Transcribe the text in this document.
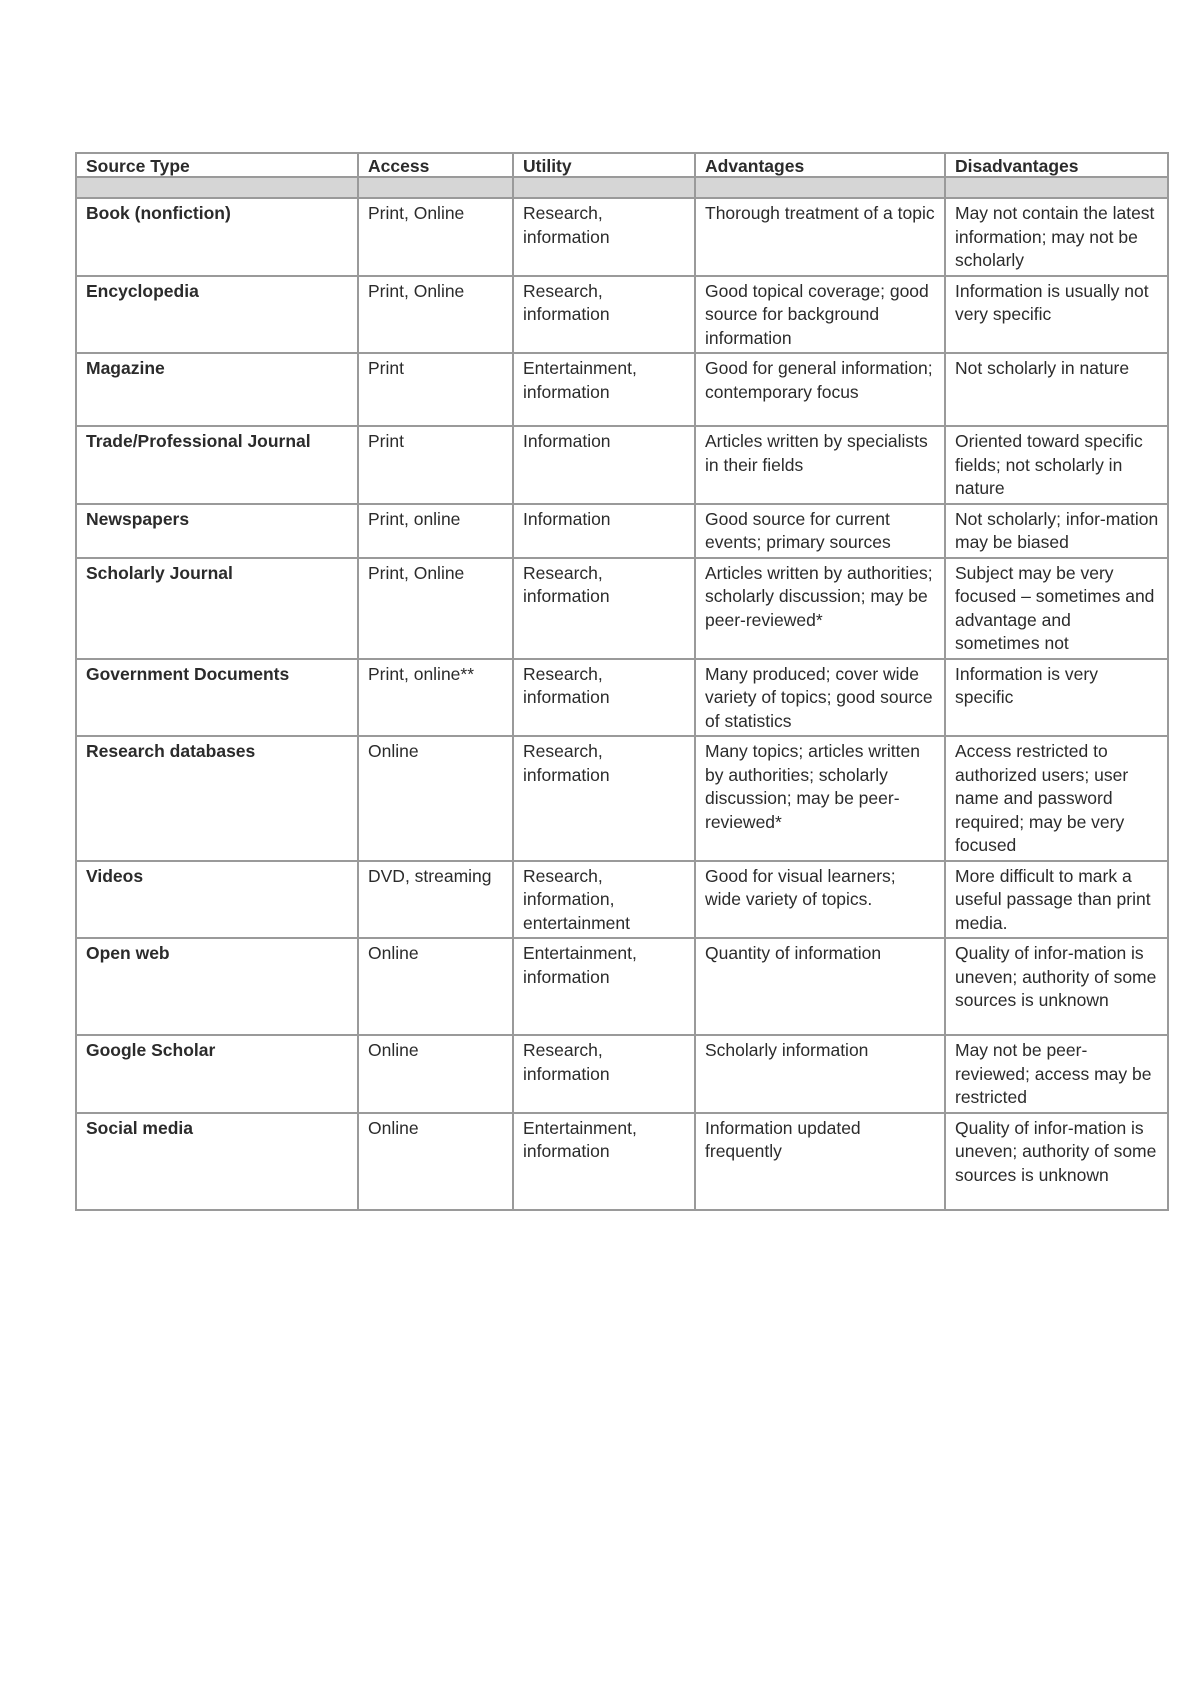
Source Type	Access	Utility	Advantages	Disadvantages

Book (nonfiction)	Print, Online	Research, information	Thorough treatment of a topic	May not contain the latest information; may not be scholarly
Encyclopedia	Print, Online	Research, information	Good topical coverage; good source for background information	Information is usually not very specific
Magazine	Print	Entertainment, information	Good for general information; contemporary focus	Not scholarly in nature
Trade/Professional Journal	Print	Information	Articles written by specialists in their fields	Oriented toward specific fields; not scholarly in nature
Newspapers	Print, online	Information	Good source for current events; primary sources	Not scholarly; infor-mation may be biased
Scholarly Journal	Print, Online	Research, information	Articles written by authorities; scholarly discussion; may be peer-reviewed*	Subject may be very focused – sometimes and advantage and sometimes not
Government Documents	Print, online**	Research, information	Many produced; cover wide variety of topics; good source of statistics	Information is very specific
Research databases	Online	Research, information	Many topics; articles written by authorities; scholarly discussion; may be peer-reviewed*	Access restricted to authorized users; user name and password required; may be very focused
Videos	DVD, streaming	Research, information, entertainment	Good for visual learners; wide variety of topics.	More difficult to mark a useful passage than print media.
Open web	Online	Entertainment, information	Quantity of information	Quality of infor-mation is uneven; authority of some sources is unknown
Google Scholar	Online	Research, information	Scholarly information	May not be peer-reviewed; access may be restricted
Social media	Online	Entertainment, information	Information updated frequently	Quality of infor-mation is uneven; authority of some sources is unknown
